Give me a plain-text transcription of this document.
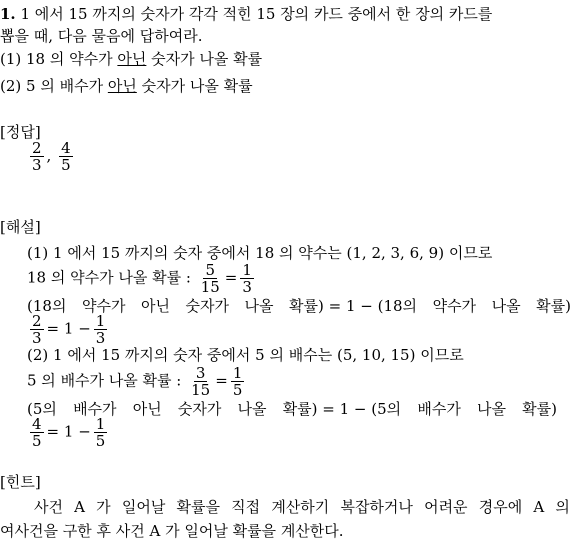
1. 1 에서 15 까지의 숫자가 각각 적힌 15 장의 카드 중에서 한 장의 카드를
뽑을 때, 다음 물음에 답하여라.
(1) 18 의 약수가 아닌 숫자가 나올 확률
(2) 5 의 배수가 아닌 숫자가 나올 확률
[정답]
$\frac{2}{3}$ , $\frac{4}{5}$
[해설]
(1) 1 에서 15 까지의 숫자 중에서 18 의 약수는 (1, 2, 3, 6, 9) 이므로
18 의 약수가 나올 확률 : $\frac{5}{15} = \frac{1}{3}$
(18의 약수가 아닌 숫자가 나올 확률) = 1 − (18의 약수가 나올 확률)
$\frac{2}{3} = 1 - \frac{1}{3}$
(2) 1 에서 15 까지의 숫자 중에서 5 의 배수는 (5, 10, 15) 이므로
5 의 배수가 나올 확률 : $\frac{3}{15} = \frac{1}{5}$
(5의 배수가 아닌 숫자가 나올 확률) = 1 − (5의 배수가 나올 확률)
$\frac{4}{5} = 1 - \frac{1}{5}$
[힌트]
사건 A 가 일어날 확률을 직접 계산하기 복잡하거나 어려운 경우에 A 의
여사건을 구한 후 사건 A 가 일어날 확률을 계산한다.
